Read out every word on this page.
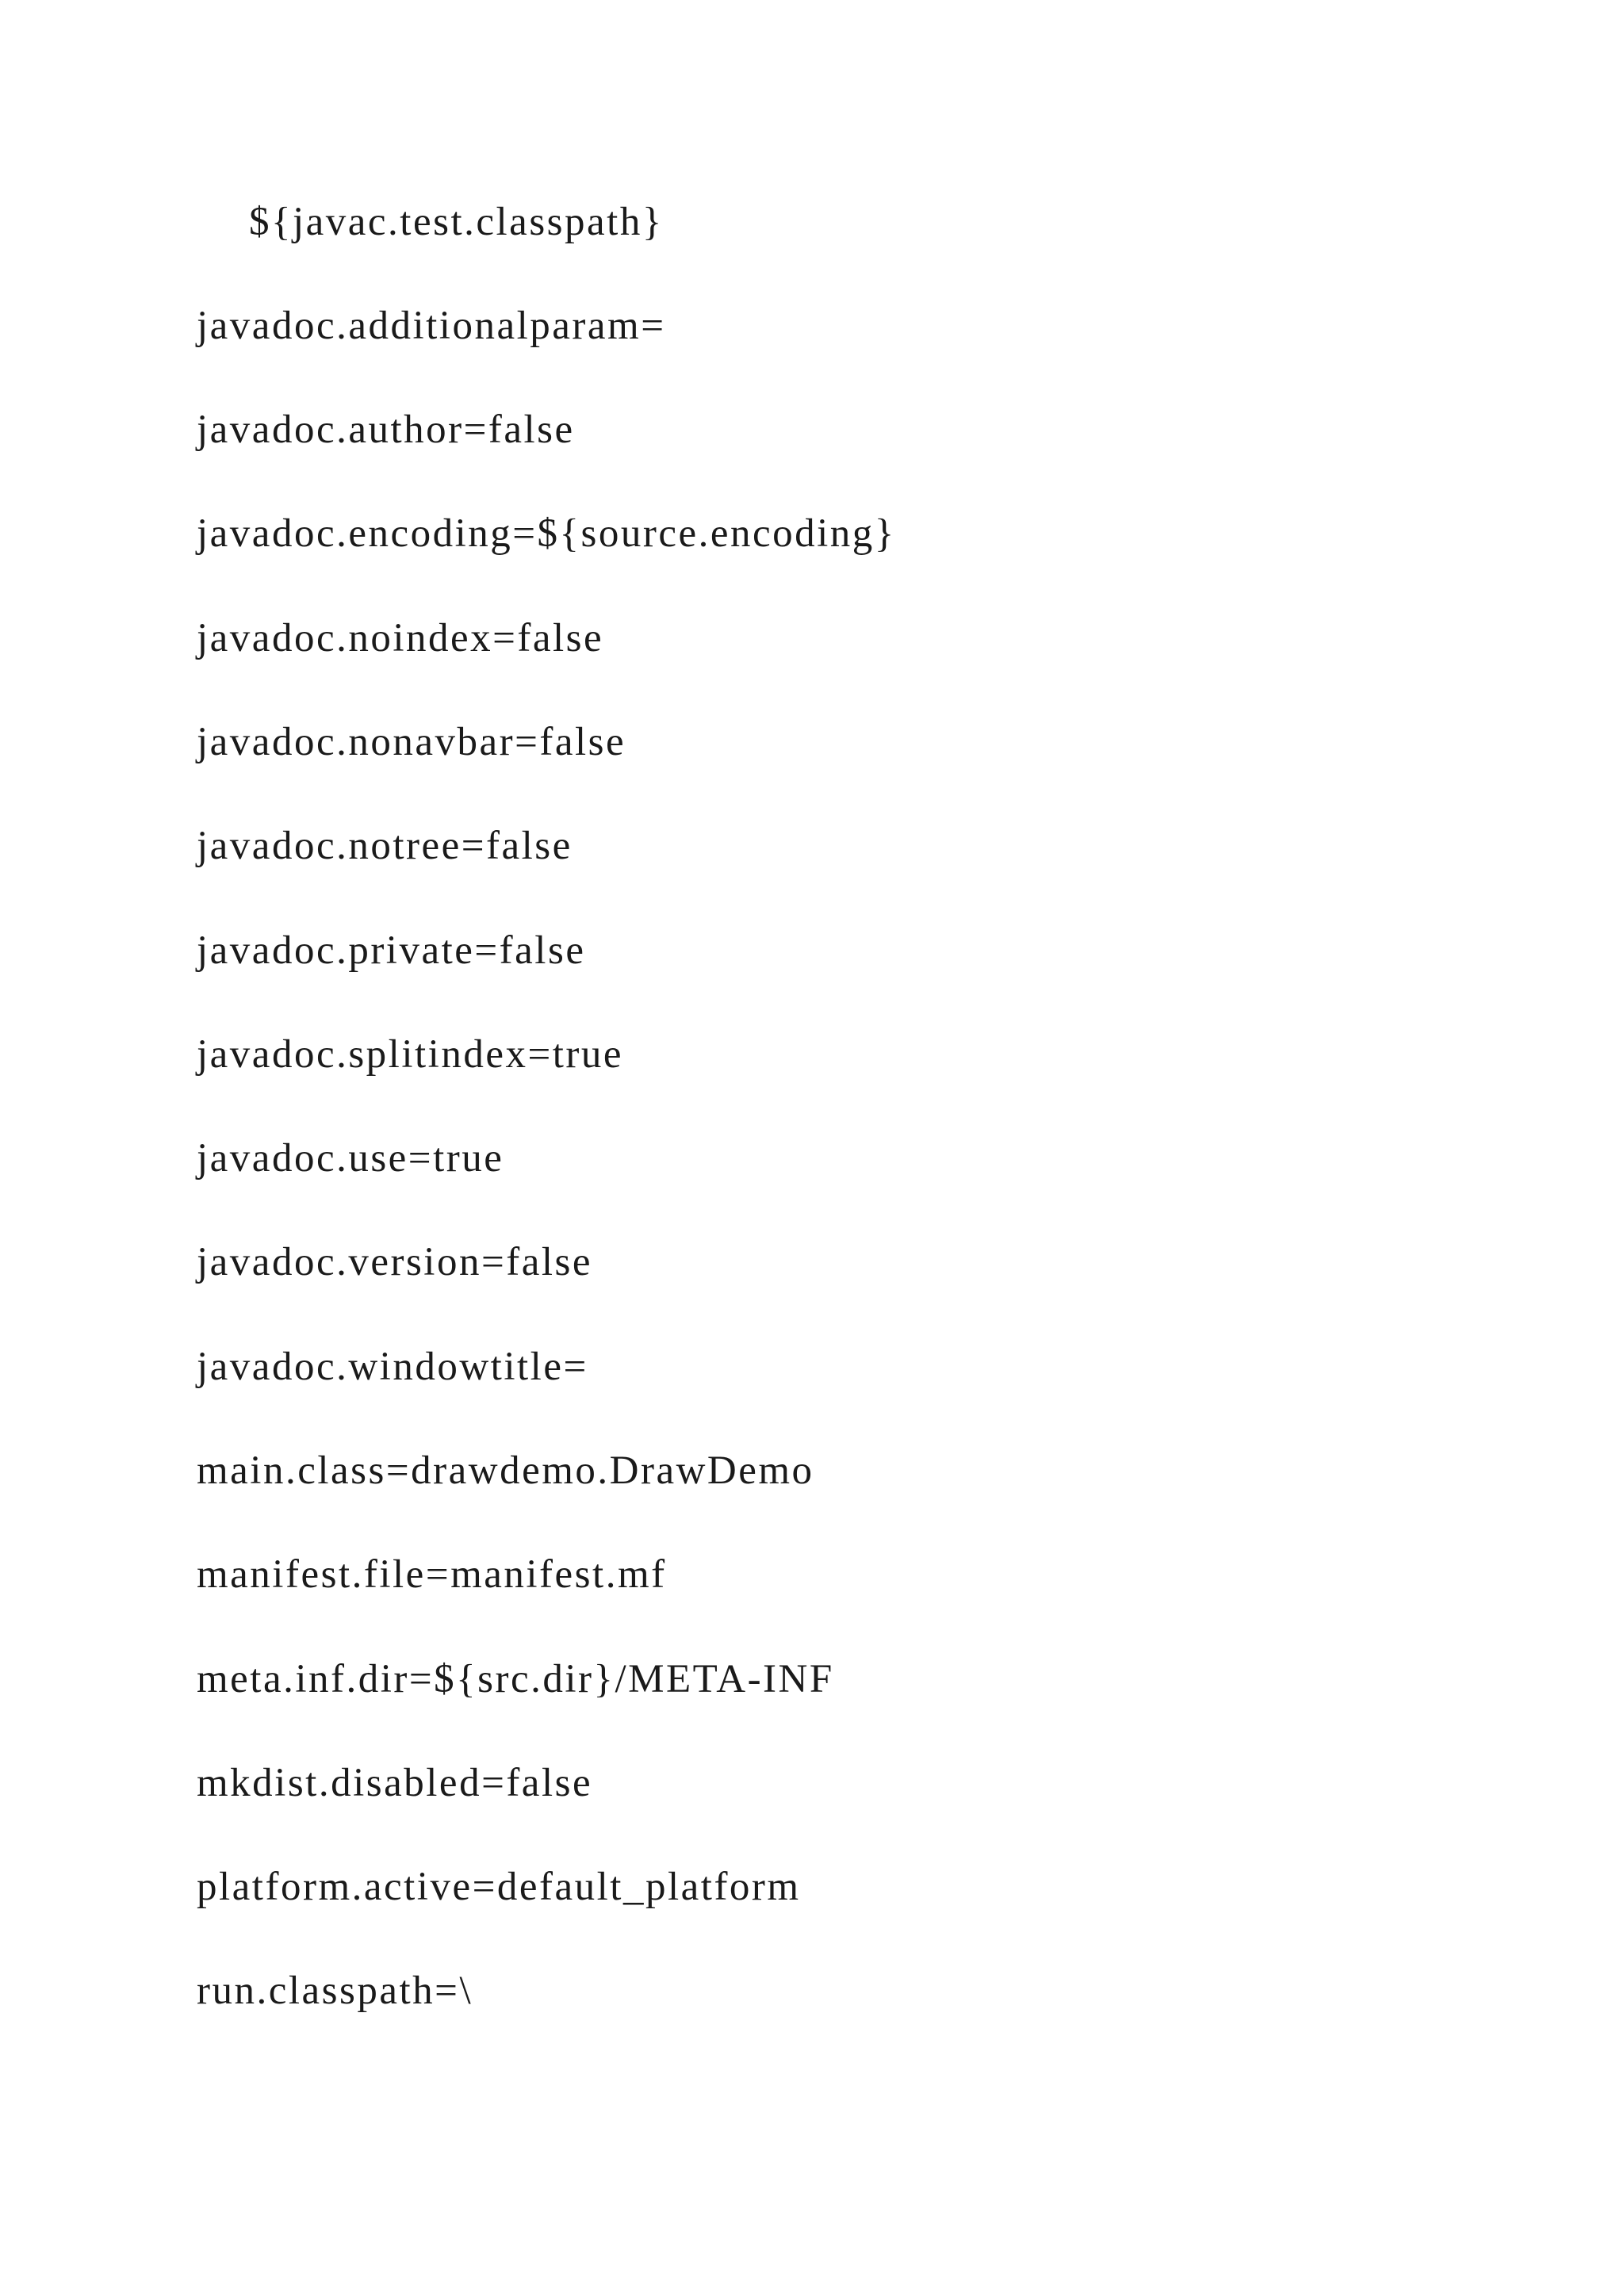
${javac.test.classpath}
javadoc.additionalparam=
javadoc.author=false
javadoc.encoding=${source.encoding}
javadoc.noindex=false
javadoc.nonavbar=false
javadoc.notree=false
javadoc.private=false
javadoc.splitindex=true
javadoc.use=true
javadoc.version=false
javadoc.windowtitle=
main.class=drawdemo.DrawDemo
manifest.file=manifest.mf
meta.inf.dir=${src.dir}/META-INF
mkdist.disabled=false
platform.active=default_platform
run.classpath=\
